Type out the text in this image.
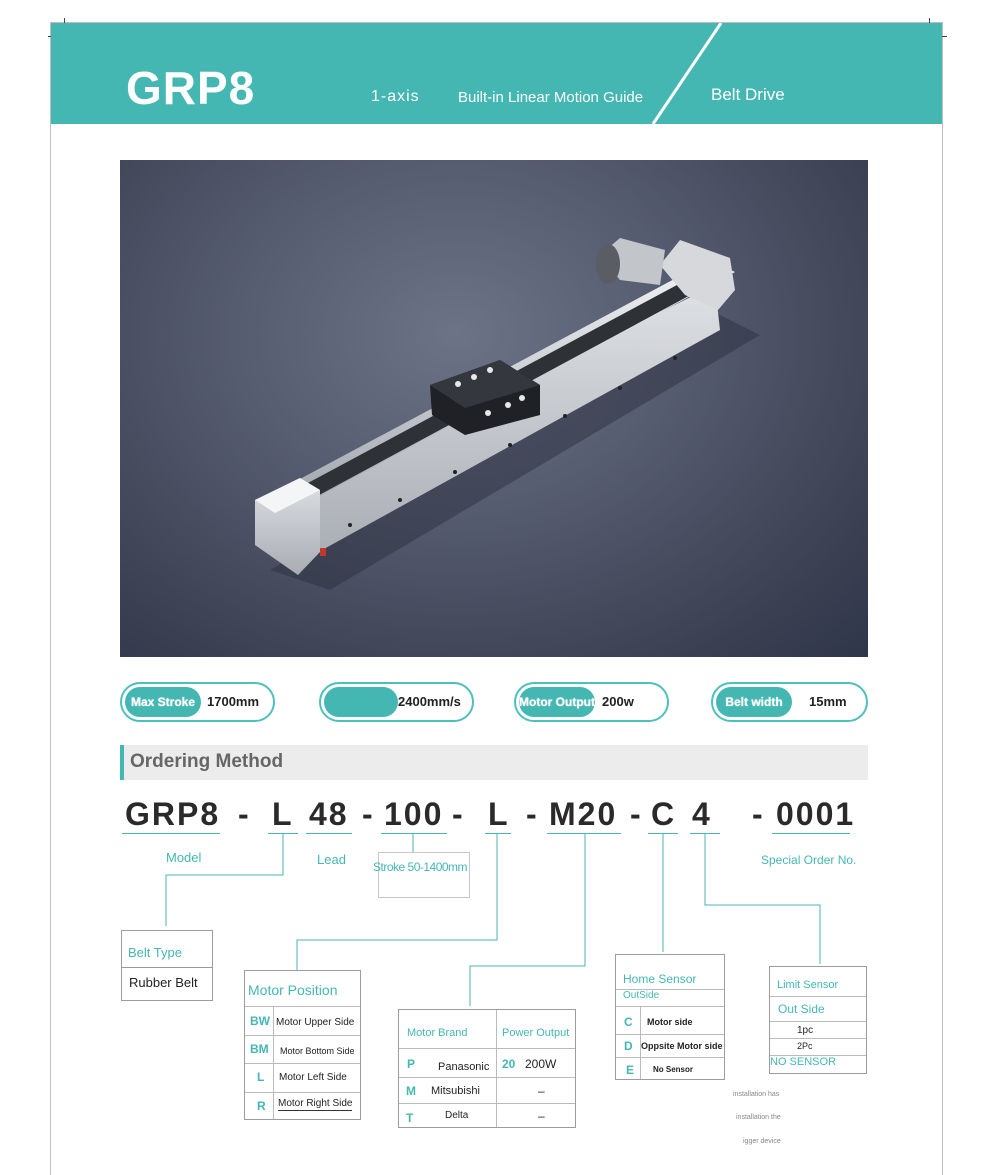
GRP8	1-axis	Built-in Linear Motion Guide	Belt Drive
Max Stroke 1700mm	2400mm/s	Motor Output 200w	Belt width	15mm
Ordering Method
GRP8 - L 48 - 100 - L - M20 - C 4 - 0001
Model	Lead Stroke 50-1400mm	Special Order No.
Belt Type
Rubber Belt	Motor Position
BW Motor Upper Side
BM Motor Bottom Side
L Motor Left Side
R Motor Right Side
Motor Brand	Power Output
P Panasonic 20 200W
M Mitsubishi	–
T	Delta	–
Home Sensor
OutSide
C Motor side
D Oppsite Motor side
E No Sensor
Limit Sensor
Out Side
1pc
2Pc
NO SENSOR
installation has
installation the
igger device
